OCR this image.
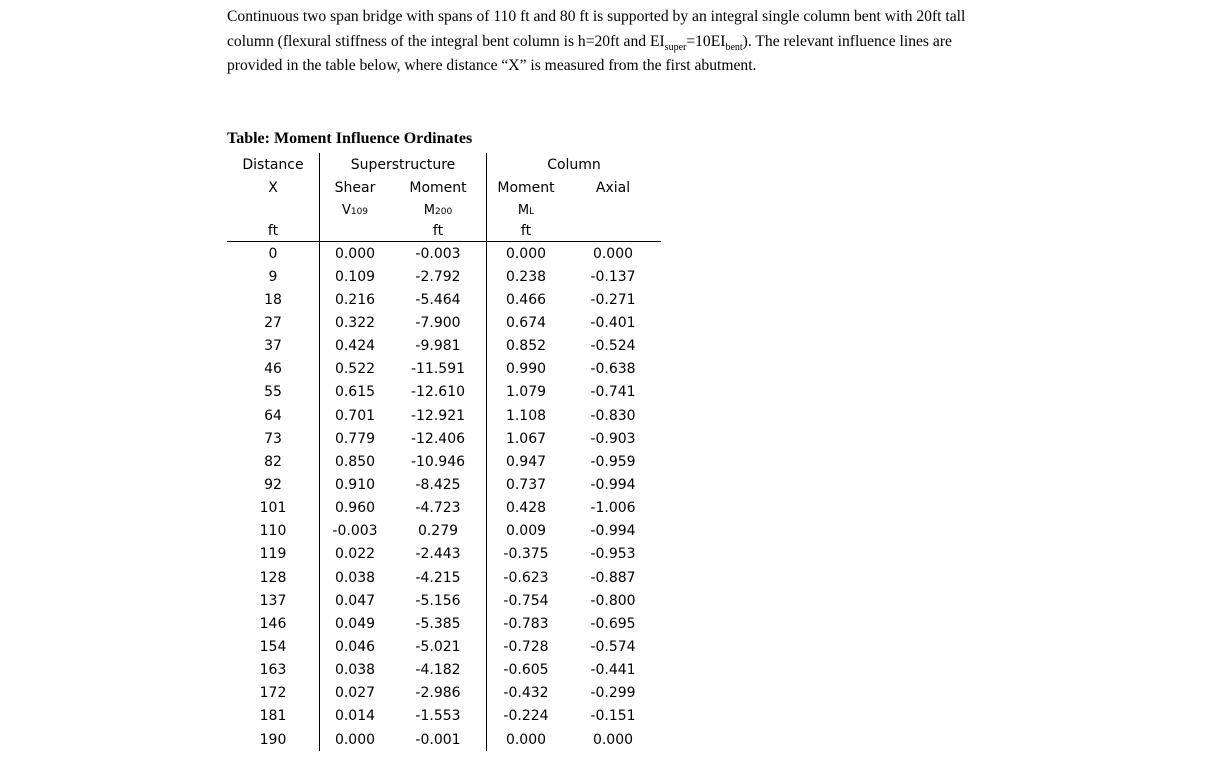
Continuous two span bridge with spans of 110 ft and 80 ft is supported by an integral single column bent with 20ft tall column (flexural stiffness of the integral bent column is h=20ft and $EI_{super}=10EI_{bent}$). The relevant influence lines are provided in the table below, where distance “X” is measured from the first abutment.

Table: Moment Influence Ordinates

Distance	Superstructure		Column	
X	Shear	Moment	Moment	Axial
	V109	M200	ML	
ft		ft	ft	
0	0.000	-0.003	0.000	0.000
9	0.109	-2.792	0.238	-0.137
18	0.216	-5.464	0.466	-0.271
27	0.322	-7.900	0.674	-0.401
37	0.424	-9.981	0.852	-0.524
46	0.522	-11.591	0.990	-0.638
55	0.615	-12.610	1.079	-0.741
64	0.701	-12.921	1.108	-0.830
73	0.779	-12.406	1.067	-0.903
82	0.850	-10.946	0.947	-0.959
92	0.910	-8.425	0.737	-0.994
101	0.960	-4.723	0.428	-1.006
110	-0.003	0.279	0.009	-0.994
119	0.022	-2.443	-0.375	-0.953
128	0.038	-4.215	-0.623	-0.887
137	0.047	-5.156	-0.754	-0.800
146	0.049	-5.385	-0.783	-0.695
154	0.046	-5.021	-0.728	-0.574
163	0.038	-4.182	-0.605	-0.441
172	0.027	-2.986	-0.432	-0.299
181	0.014	-1.553	-0.224	-0.151
190	0.000	-0.001	0.000	0.000
